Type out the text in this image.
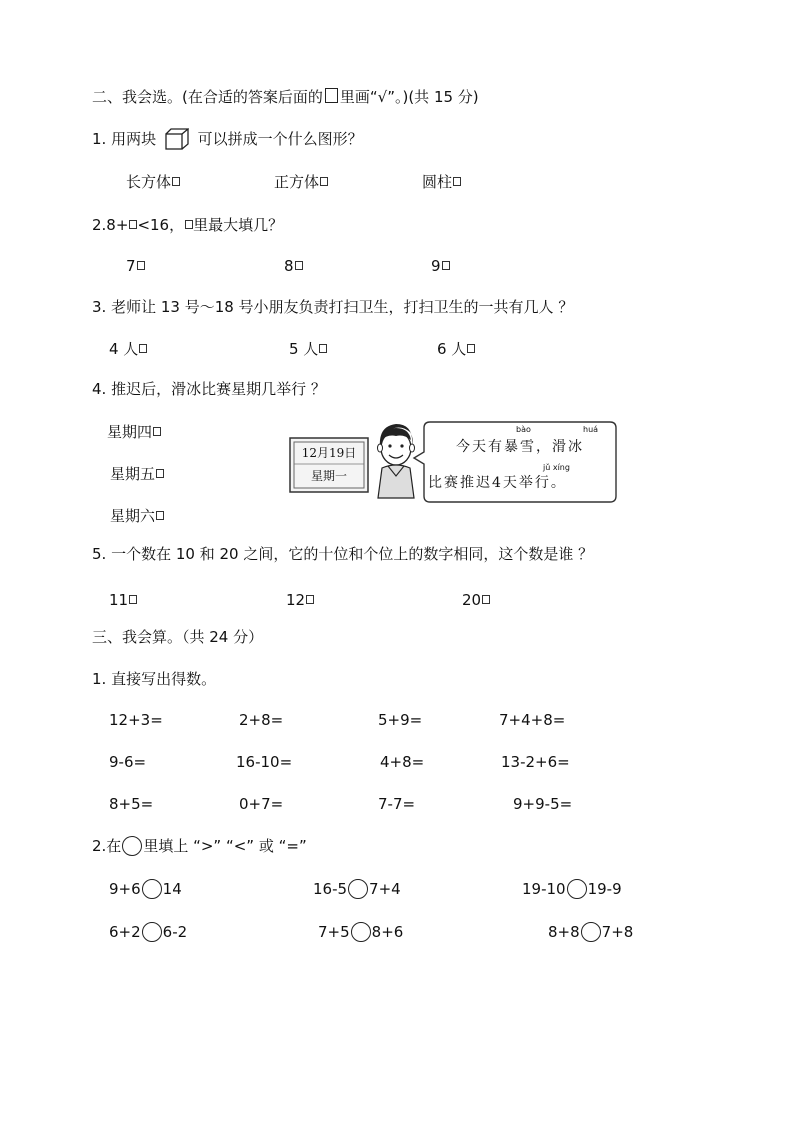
二、我会选。(在合适的答案后面的 里画“√”。)(共 15 分)
1. 用两块	可以拼成一个什么图形？
长方体	正方体	圆柱
2.8+ <16， 里最大填几？
7	8	9
3. 老师让 13 号～18 号小朋友负责打扫卫生，打扫卫生的一共有几人 ？
4 人	5 人	6 人
4. 推迟后，滑冰比赛星期几举行 ？
星期四
星期五
星期六
12月19日
星期一
bào	huá
今天有暴雪，滑冰
jǔ xíng
比赛推迟4天举行。
5. 一个数在 10 和 20 之间，它的十位和个位上的数字相同，这个数是谁 ？
11	12	20
三、我会算。（共 24 分）
1. 直接写出得数。
12+3=	2+8=	5+9=	7+4+8=
9-6=	16-10=	4+8=	13-2+6=
8+5=	0+7=	7-7=	9+9-5=
2.在 里填上 “>” “<” 或 “=”
9+6 14	16-5 7+4	19-10 19-9
6+2 6-2	7+5 8+6	8+8 7+8
